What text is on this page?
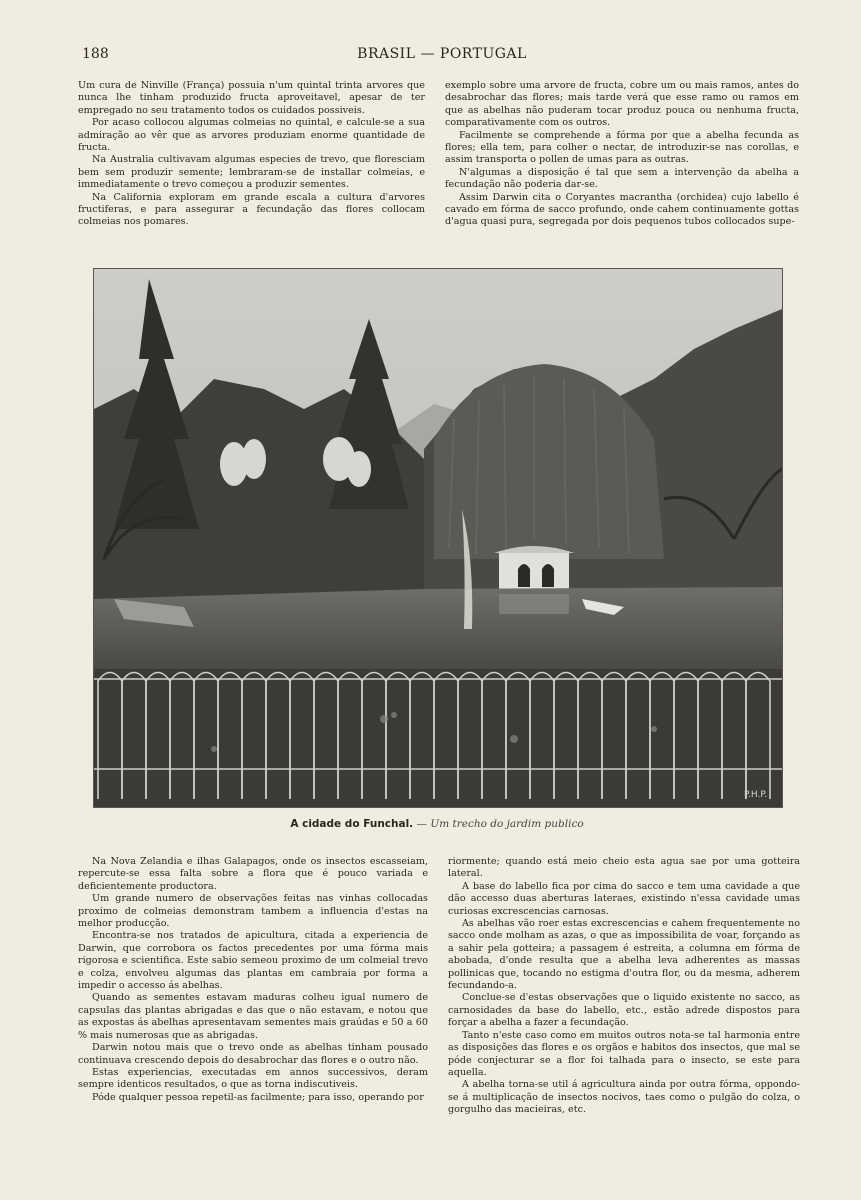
188	BRASIL — PORTUGAL

Um cura de Ninville (França) possuia n'um quintal trinta arvores que nunca lhe tinham produzido fructa aproveitavel, apesar de ter empregado no seu tratamento todos os cuidados possiveis.

Por acaso collocou algumas colmeias no quintal, e calcule-se a sua admiração ao vêr que as arvores produziam enorme quantidade de fructa.

Na Australia cultivavam algumas especies de trevo, que floresciam bem sem produzir semente; lembraram-se de installar colmeias, e immediatamente o trevo começou a produzir sementes.

Na California exploram em grande escala a cultura d'arvores fructiferas, e para assegurar a fecundação das flores collocam colmeias nos pomares.

exemplo sobre uma arvore de fructa, cobre um ou mais ramos, antes do desabrochar das flores; mais tarde verá que esse ramo ou ramos em que as abelhas não puderam tocar produz pouca ou nenhuma fructa, comparativamente com os outros.

Facilmente se comprehende a fórma por que a abelha fecunda as flores; ella tem, para colher o nectar, de introduzir-se nas corollas, e assim transporta o pollen de umas para as outras.

N'algumas a disposição é tal que sem a intervenção da abelha a fecundação não poderia dar-se.

Assim Darwin cita o Coryantes macrantha (orchidea) cujo labello é cavado em fórma de sacco profundo, onde cahem continuamente gottas d'agua quasi pura, segregada por dois pequenos tubos collocados supe-

P.H.P.
A cidade do Funchal. — Um trecho do jardim publico

Na Nova Zelandia e ilhas Galapagos, onde os insectos escasseiam, repercute-se essa falta sobre a flora que é pouco variada e deficientemente productora.

Um grande numero de observações feitas nas vinhas collocadas proximo de colmeias demonstram tambem a influencia d'estas na melhor producção.

Encontra-se nos tratados de apicultura, citada a experiencia de Darwin, que corrobora os factos precedentes por uma fórma mais rigorosa e scientifica. Este sabio semeou proximo de um colmeial trevo e colza, envolveu algumas das plantas em cambraia por forma a impedir o accesso ás abelhas.

Quando as sementes estavam maduras colheu igual numero de capsulas das plantas abrigadas e das que o não estavam, e notou que as expostas ás abelhas apresentavam sementes mais graúdas e 50 a 60 % mais numerosas que as abrigadas.

Darwin notou mais que o trevo onde as abelhas tinham pousado continuava crescendo depois do desabrochar das flores e o outro não.

Estas experiencias, executadas em annos successivos, deram sempre identicos resultados, o que as torna indiscutiveis.

Póde qualquer pessoa repetil-as facilmente; para isso, operando por

riormente; quando está meio cheio esta agua sae por uma gotteira lateral.

A base do labello fica por cima do sacco e tem uma cavidade a que dão accesso duas aberturas lateraes, existindo n'essa cavidade umas curiosas excrescencias carnosas.

As abelhas vão roer estas excrescencias e cahem frequentemente no sacco onde molham as azas, o que as impossibilita de voar, forçando as a sahir pela gotteira; a passagem é estreita, a columna em fórma de abobada, d'onde resulta que a abelha leva adherentes as massas pollinicas que, tocando no estigma d'outra flor, ou da mesma, adherem fecundando-a.

Conclue-se d'estas observações que o liquido existente no sacco, as carnosidades da base do labello, etc., estão adrede dispostos para forçar a abelha a fazer a fecundação.

Tanto n'este caso como em muitos outros nota-se tal harmonia entre as disposições das flores e os orgãos e habitos dos insectos, que mal se póde conjecturar se a flor foi talhada para o insecto, se este para aquella.

A abelha torna-se util á agricultura ainda por outra fórma, oppondo-se á multiplicação de insectos nocivos, taes como o pulgão do colza, o gorgulho das macieiras, etc.
